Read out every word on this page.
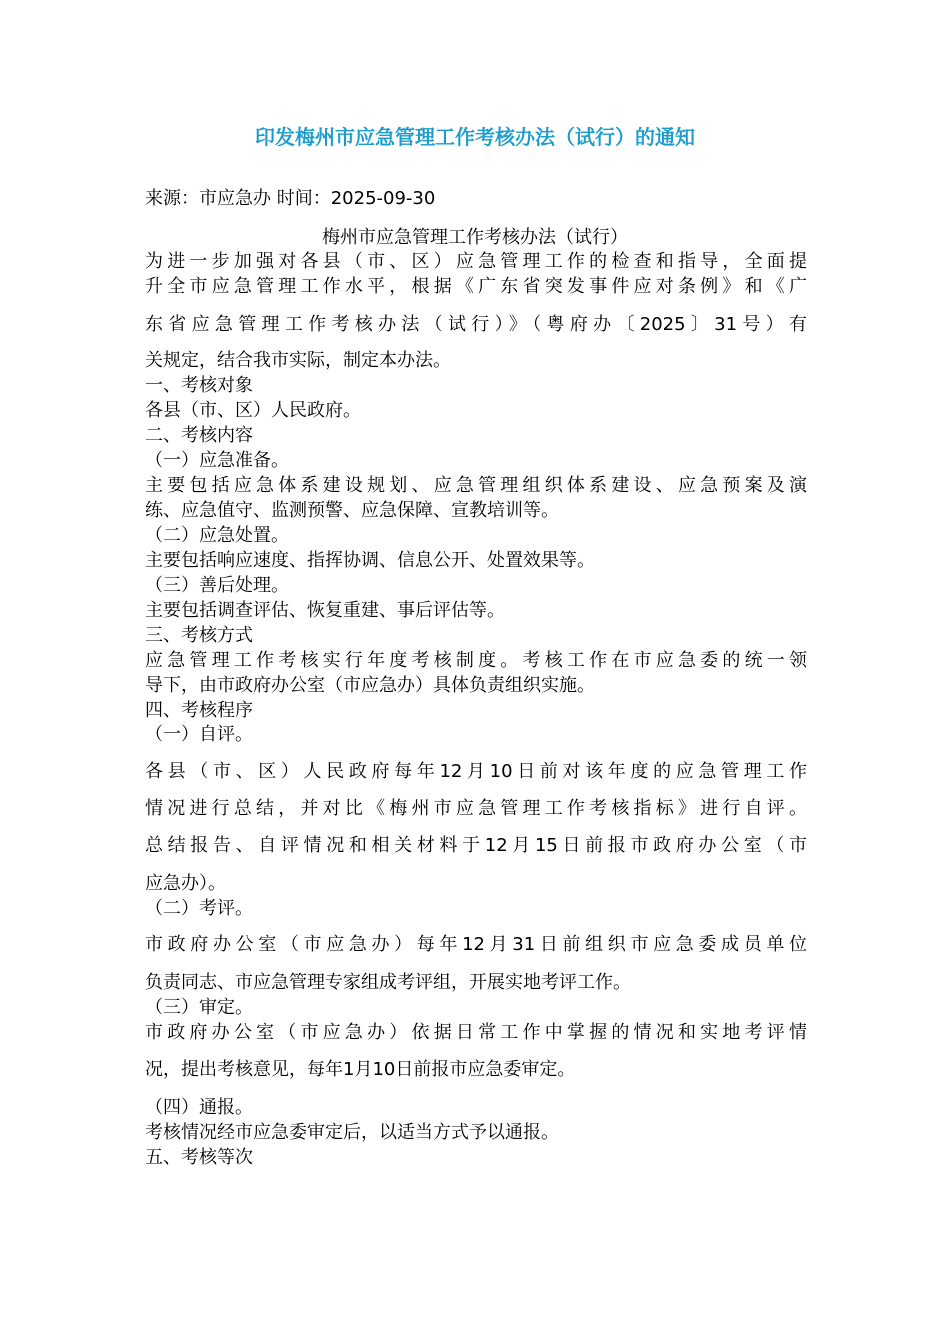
印发梅州市应急管理工作考核办法（试行）的通知
来源：市应急办 时间：2025-09-30
梅州市应急管理工作考核办法（试行）
为进一步加强对各县（市、区）应急管理工作的检查和指导，全面提
升全市应急管理工作水平，根据《广东省突发事件应对条例》和《广
东省应急管理工作考核办法（试行）》（粤府办〔2025〕31号）有
关规定，结合我市实际，制定本办法。
一、考核对象
各县（市、区）人民政府。
二、考核内容
（一）应急准备。
主要包括应急体系建设规划、应急管理组织体系建设、应急预案及演
练、应急值守、监测预警、应急保障、宣教培训等。
（二）应急处置。
主要包括响应速度、指挥协调、信息公开、处置效果等。
（三）善后处理。
主要包括调查评估、恢复重建、事后评估等。
三、考核方式
应急管理工作考核实行年度考核制度。考核工作在市应急委的统一领
导下，由市政府办公室（市应急办）具体负责组织实施。
四、考核程序
（一）自评。
各县（市、区）人民政府每年12月10日前对该年度的应急管理工作
情况进行总结，并对比《梅州市应急管理工作考核指标》进行自评。
总结报告、自评情况和相关材料于12月15日前报市政府办公室（市
应急办）。
（二）考评。
市政府办公室（市应急办）每年12月31日前组织市应急委成员单位
负责同志、市应急管理专家组成考评组，开展实地考评工作。
（三）审定。
市政府办公室（市应急办）依据日常工作中掌握的情况和实地考评情
况，提出考核意见，每年1月10日前报市应急委审定。
（四）通报。
考核情况经市应急委审定后，以适当方式予以通报。
五、考核等次
